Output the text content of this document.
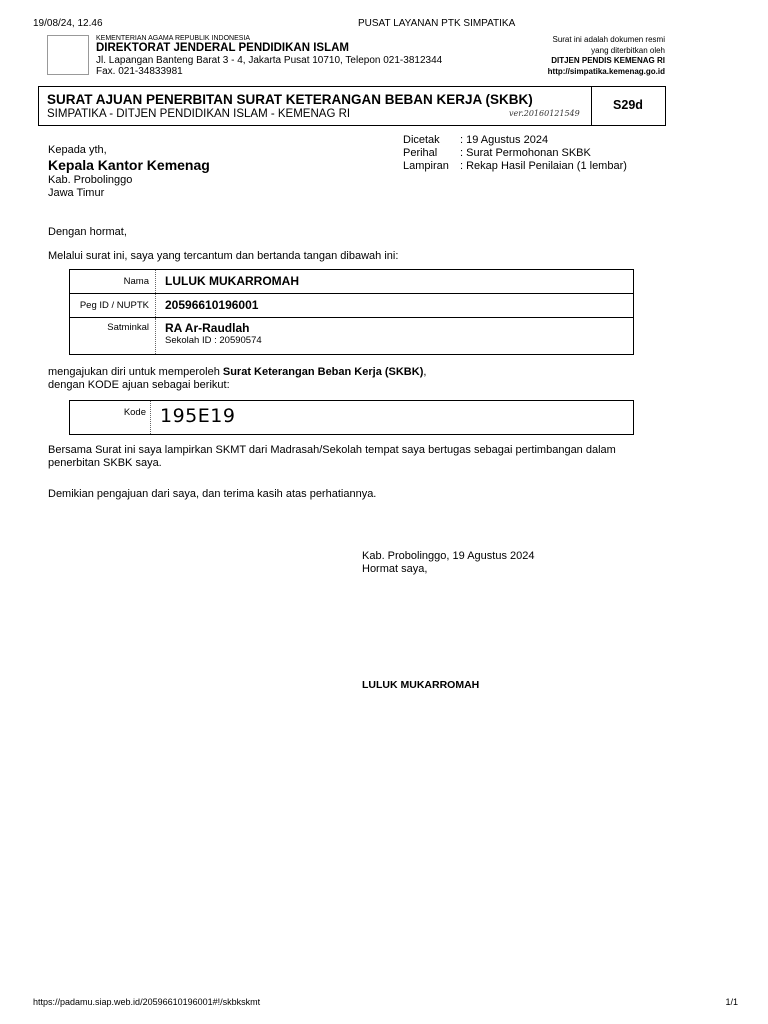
19/08/24, 12.46	PUSAT LAYANAN PTK SIMPATIKA
KEMENTERIAN AGAMA REPUBLIK INDONESIA
DIREKTORAT JENDERAL PENDIDIKAN ISLAM
Jl. Lapangan Banteng Barat 3 - 4, Jakarta Pusat 10710, Telepon 021-3812344
Fax. 021-34833981
Surat ini adalah dokumen resmi
yang diterbitkan oleh
DITJEN PENDIS KEMENAG RI
http://simpatika.kemenag.go.id
SURAT AJUAN PENERBITAN SURAT KETERANGAN BEBAN KERJA (SKBK)
SIMPATIKA - DITJEN PENDIDIKAN ISLAM - KEMENAG RI	ver.20160121549
S29d
Kepada yth,
Kepala Kantor Kemenag
Kab. Probolinggo
Jawa Timur
Dicetak	: 19 Agustus 2024
Perihal	: Surat Permohonan SKBK
Lampiran	: Rekap Hasil Penilaian (1 lembar)
Dengan hormat,
Melalui surat ini, saya yang tercantum dan bertanda tangan dibawah ini:
Nama	LULUK MUKARROMAH
Peg ID / NUPTK	20596610196001
Satminkal	RA Ar-Raudlah
Sekolah ID : 20590574
mengajukan diri untuk memperoleh Surat Keterangan Beban Kerja (SKBK),
dengan KODE ajuan sebagai berikut:
Kode 195E19
Bersama Surat ini saya lampirkan SKMT dari Madrasah/Sekolah tempat saya bertugas sebagai pertimbangan dalam penerbitan SKBK saya.
Demikian pengajuan dari saya, dan terima kasih atas perhatiannya.
Kab. Probolinggo, 19 Agustus 2024
Hormat saya,
LULUK MUKARROMAH
https://padamu.siap.web.id/20596610196001#!/skbkskmt	1/1
